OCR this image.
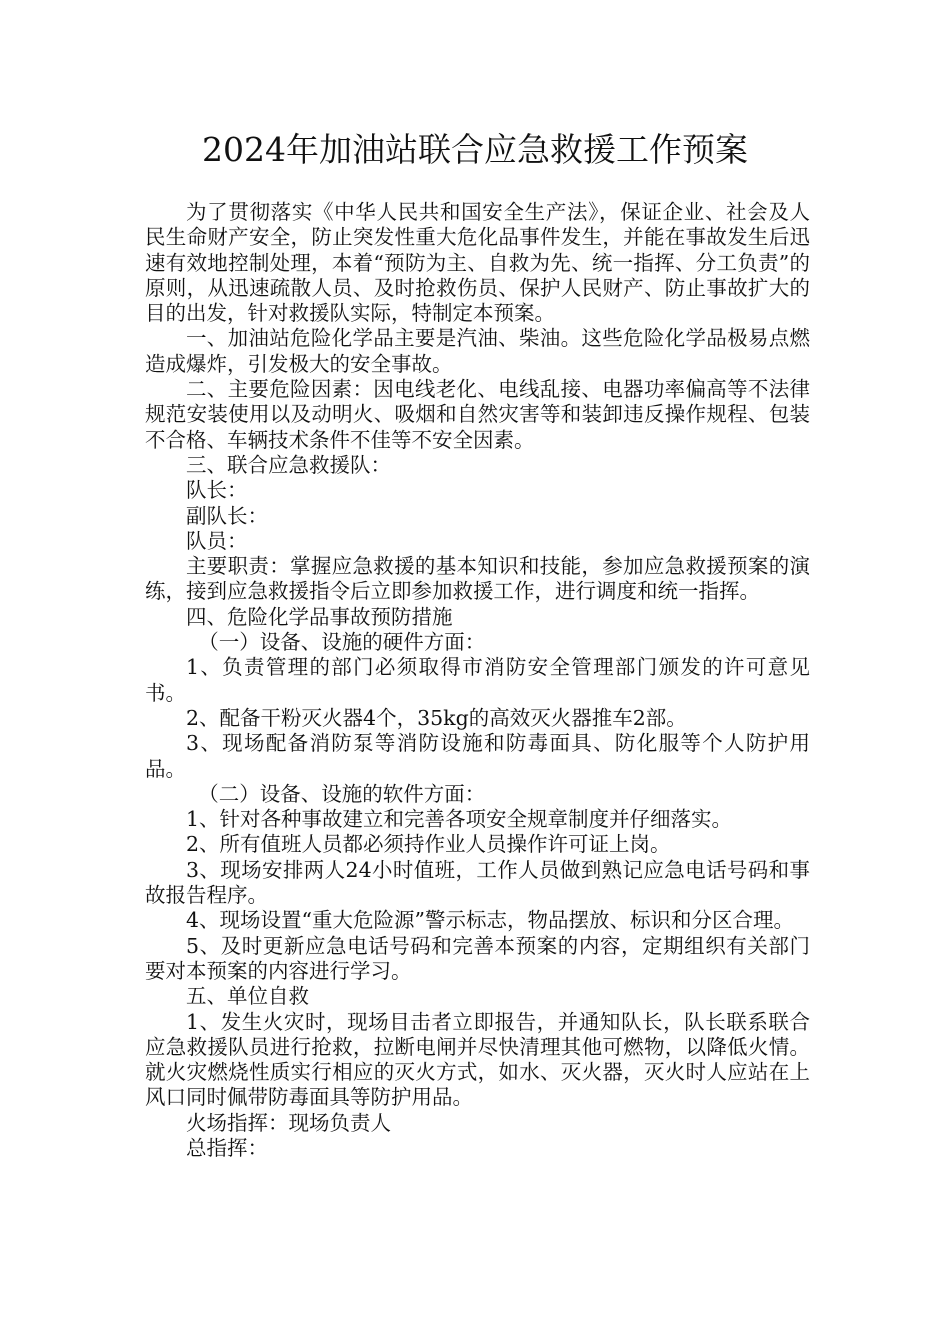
2024年加油站联合应急救援工作预案

为了贯彻落实《中华人民共和国安全生产法》，保证企业、社会及人民生命财产安全，防止突发性重大危化品事件发生，并能在事故发生后迅速有效地控制处理，本着“预防为主、自救为先、统一指挥、分工负责”的原则，从迅速疏散人员、及时抢救伤员、保护人民财产、防止事故扩大的目的出发，针对救援队实际，特制定本预案。

一、加油站危险化学品主要是汽油、柴油。这些危险化学品极易点燃造成爆炸，引发极大的安全事故。

二、主要危险因素：因电线老化、电线乱接、电器功率偏高等不法律规范安装使用以及动明火、吸烟和自然灾害等和装卸违反操作规程、包装不合格、车辆技术条件不佳等不安全因素。

三、联合应急救援队：

队长：

副队长：

队员：

主要职责：掌握应急救援的基本知识和技能，参加应急救援预案的演练，接到应急救援指令后立即参加救援工作，进行调度和统一指挥。

四、危险化学品事故预防措施

（一）设备、设施的硬件方面：

1、负责管理的部门必须取得市消防安全管理部门颁发的许可意见书。

2、配备干粉灭火器4个，35kg的高效灭火器推车2部。

3、现场配备消防泵等消防设施和防毒面具、防化服等个人防护用品。

（二）设备、设施的软件方面：

1、针对各种事故建立和完善各项安全规章制度并仔细落实。

2、所有值班人员都必须持作业人员操作许可证上岗。

3、现场安排两人24小时值班，工作人员做到熟记应急电话号码和事故报告程序。

4、现场设置“重大危险源”警示标志，物品摆放、标识和分区合理。

5、及时更新应急电话号码和完善本预案的内容，定期组织有关部门要对本预案的内容进行学习。

五、单位自救

1、发生火灾时，现场目击者立即报告，并通知队长，队长联系联合应急救援队员进行抢救，拉断电闸并尽快清理其他可燃物，以降低火情。就火灾燃烧性质实行相应的灭火方式，如水、灭火器，灭火时人应站在上风口同时佩带防毒面具等防护用品。

火场指挥：现场负责人

总指挥：
